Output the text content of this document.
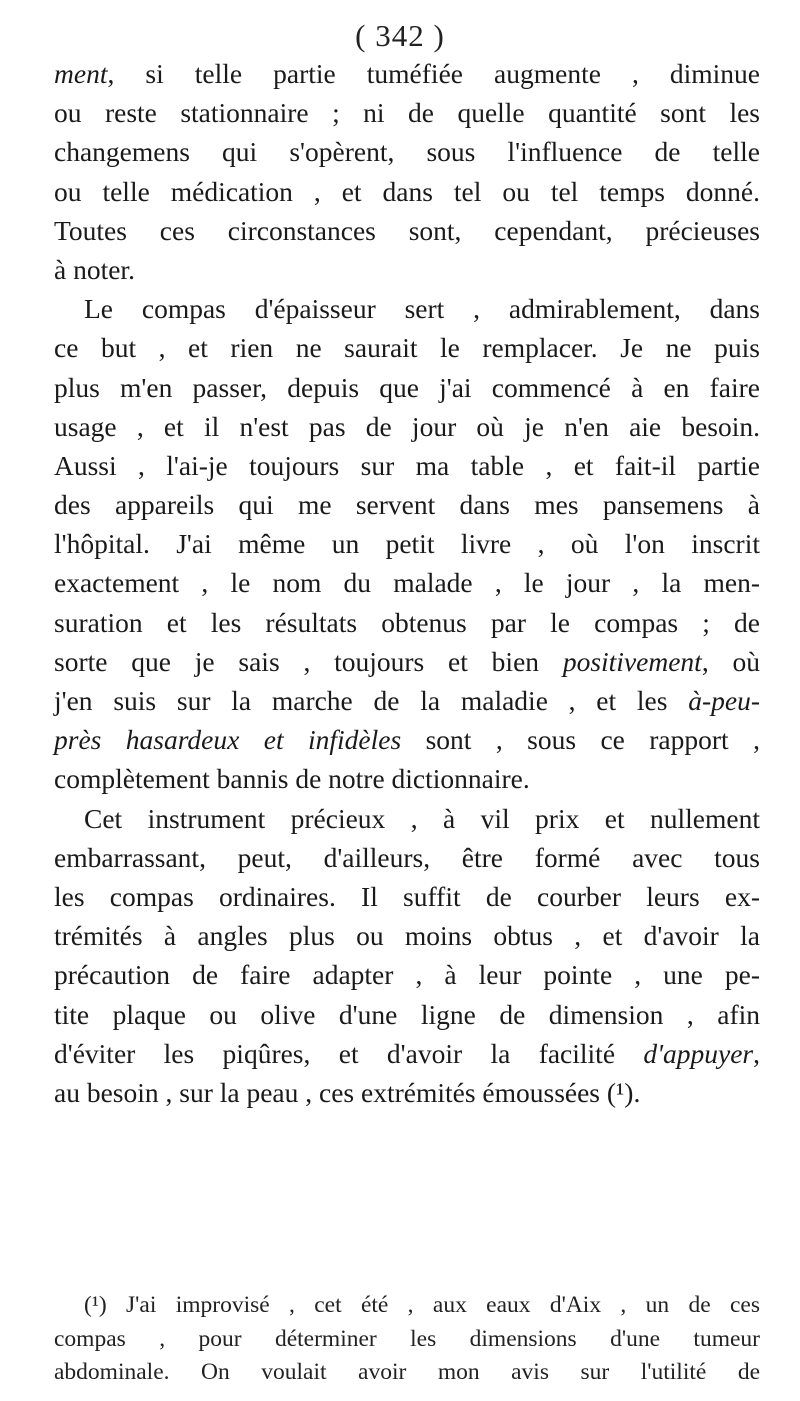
( 342 )
ment, si telle partie tuméfiée augmente , diminue
ou reste stationnaire ; ni de quelle quantité sont les
changemens qui s'opèrent, sous l'influence de telle
ou telle médication , et dans tel ou tel temps donné.
Toutes ces circonstances sont, cependant, précieuses
à noter.
Le compas d'épaisseur sert , admirablement, dans
ce but , et rien ne saurait le remplacer. Je ne puis
plus m'en passer, depuis que j'ai commencé à en faire
usage , et il n'est pas de jour où je n'en aie besoin.
Aussi , l'ai-je toujours sur ma table , et fait-il partie
des appareils qui me servent dans mes pansemens à
l'hôpital. J'ai même un petit livre , où l'on inscrit
exactement , le nom du malade , le jour , la men-
suration et les résultats obtenus par le compas ; de
sorte que je sais , toujours et bien positivement, où
j'en suis sur la marche de la maladie , et les à-peu-
près hasardeux et infidèles sont , sous ce rapport ,
complètement bannis de notre dictionnaire.
Cet instrument précieux , à vil prix et nullement
embarrassant, peut, d'ailleurs, être formé avec tous
les compas ordinaires. Il suffit de courber leurs ex-
trémités à angles plus ou moins obtus , et d'avoir la
précaution de faire adapter , à leur pointe , une pe-
tite plaque ou olive d'une ligne de dimension , afin
d'éviter les piqûres, et d'avoir la facilité d'appuyer,
au besoin , sur la peau , ces extrémités émoussées (¹).
(¹) J'ai improvisé , cet été , aux eaux d'Aix , un de ces
compas , pour déterminer les dimensions d'une tumeur
abdominale. On voulait avoir mon avis sur l'utilité de
